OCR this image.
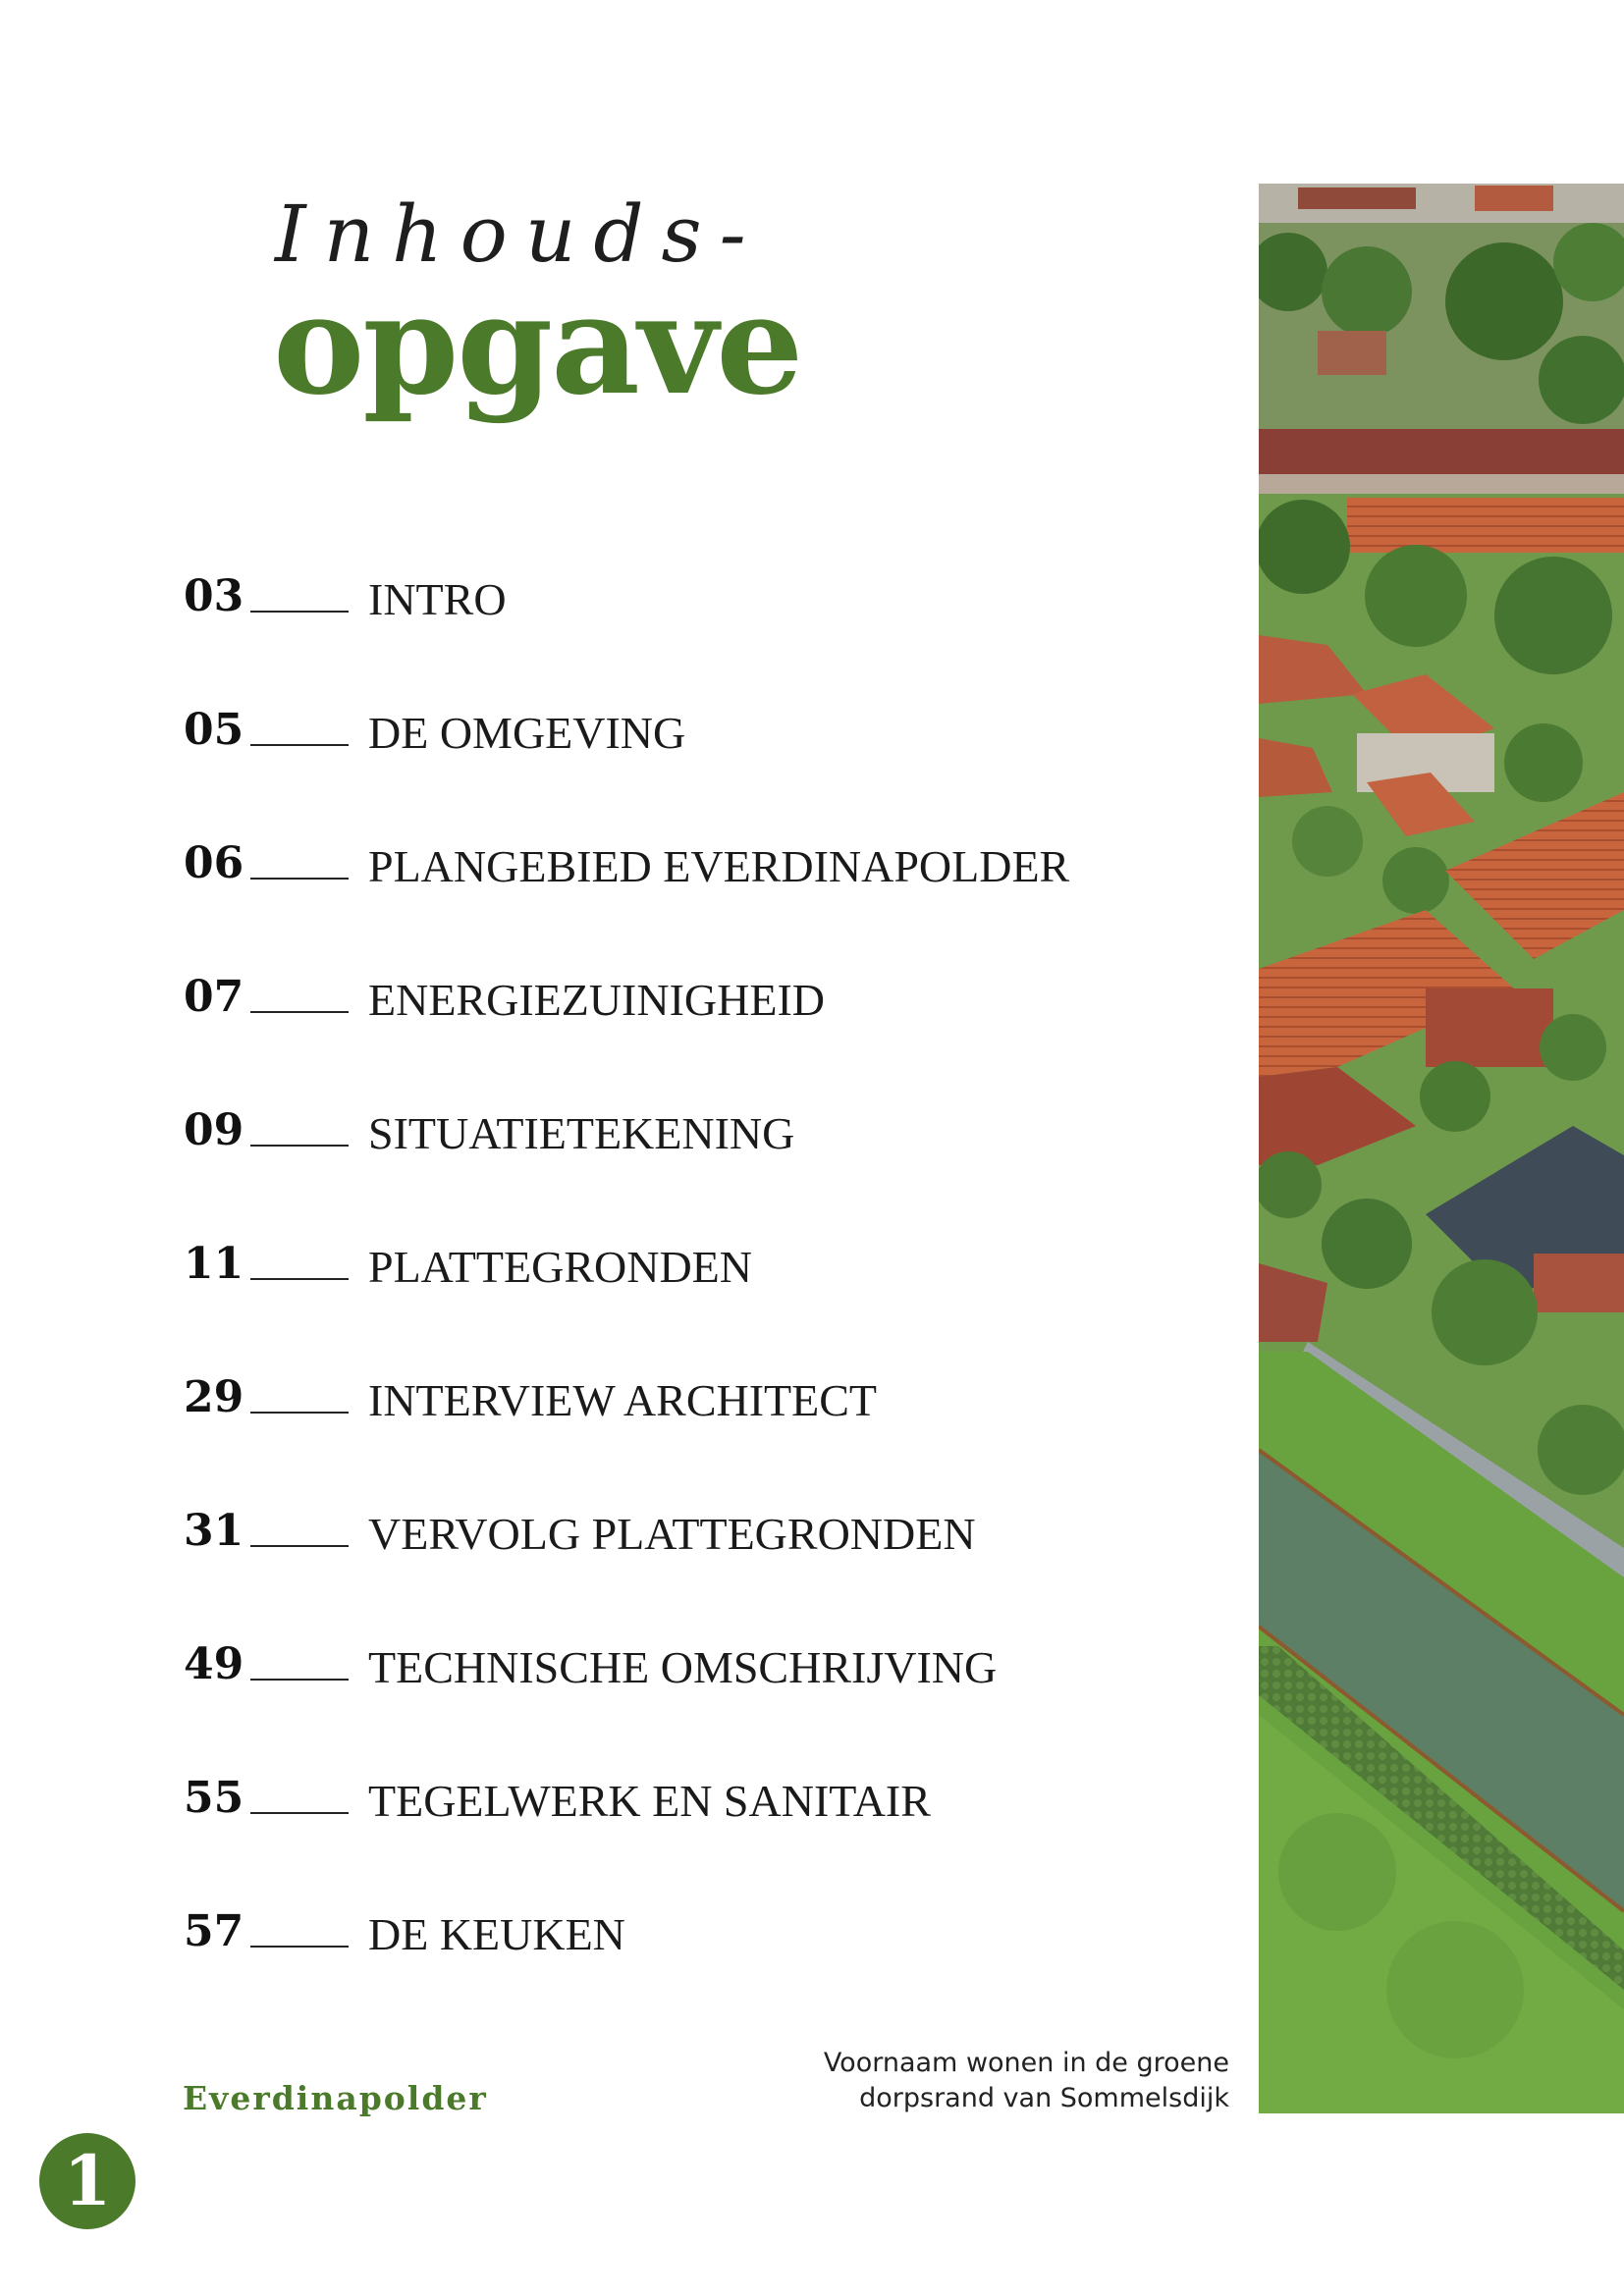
Inhouds-
opgave
03	INTRO
05	DE OMGEVING
06	PLANGEBIED EVERDINAPOLDER
07	ENERGIEZUINIGHEID
09	SITUATIETEKENING
11	PLATTEGRONDEN
29	INTERVIEW ARCHITECT
31	VERVOLG PLATTEGRONDEN
49	TECHNISCHE OMSCHRIJVING
55	TEGELWERK EN SANITAIR
57	DE KEUKEN
Everdinapolder
Voornaam wonen in de groene
dorpsrand van Sommelsdijk
1
